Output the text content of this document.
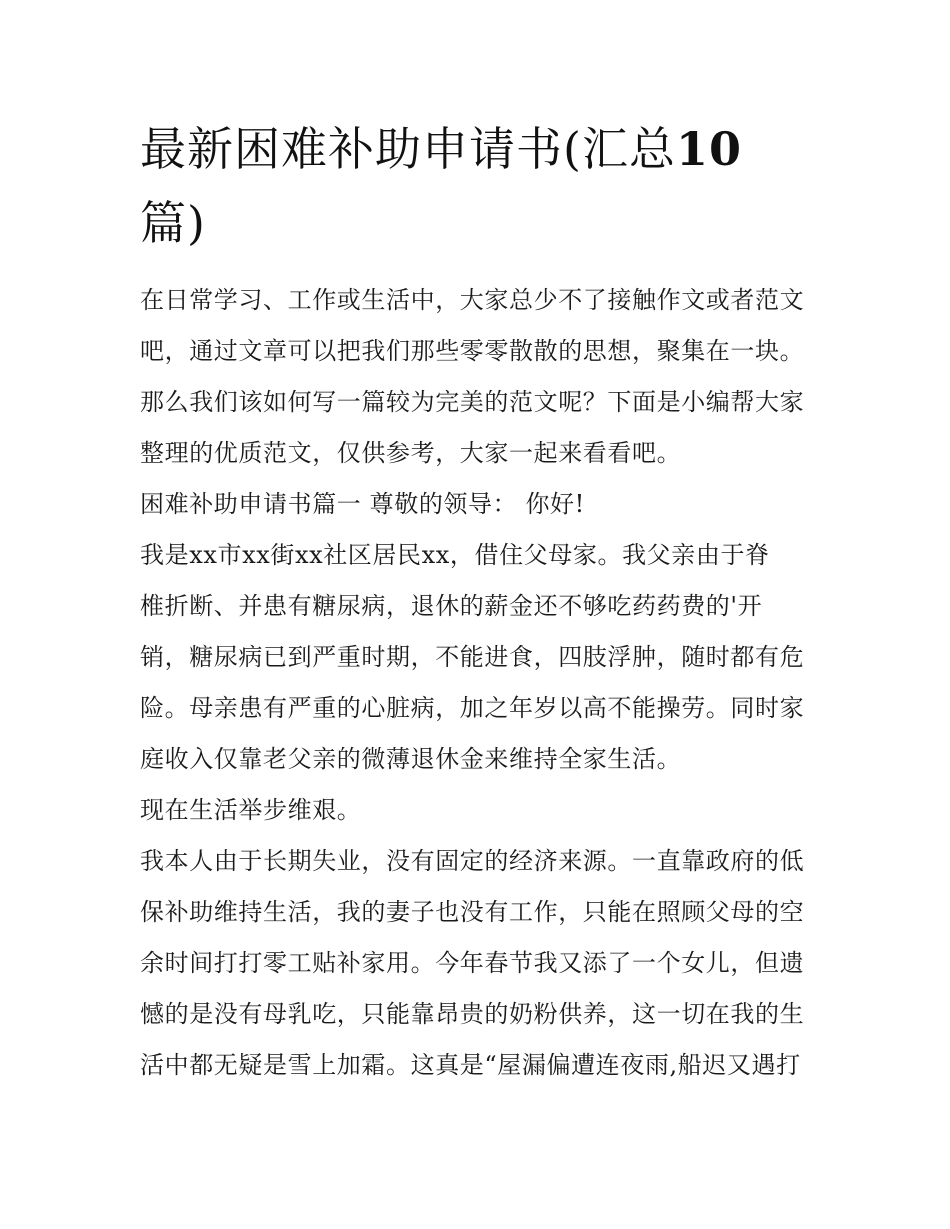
最新困难补助申请书(汇总10
篇)

在日常学习、工作或生活中，大家总少不了接触作文或者范文

吧，通过文章可以把我们那些零零散散的思想，聚集在一块。

那么我们该如何写一篇较为完美的范文呢？下面是小编帮大家

整理的优质范文，仅供参考，大家一起来看看吧。

困难补助申请书篇一 尊敬的领导： 你好!

我是xx市xx街xx社区居民xx，借住父母家。我父亲由于脊

椎折断、并患有糖尿病，退休的薪金还不够吃药药费的'开

销，糖尿病已到严重时期，不能进食，四肢浮肿，随时都有危

险。母亲患有严重的心脏病，加之年岁以高不能操劳。同时家

庭收入仅靠老父亲的微薄退休金来维持全家生活。

现在生活举步维艰。

我本人由于长期失业，没有固定的经济来源。一直靠政府的低

保补助维持生活，我的妻子也没有工作，只能在照顾父母的空

余时间打打零工贴补家用。今年春节我又添了一个女儿，但遗

憾的是没有母乳吃，只能靠昂贵的奶粉供养，这一切在我的生

活中都无疑是雪上加霜。这真是“屋漏偏遭连夜雨,船迟又遇打
